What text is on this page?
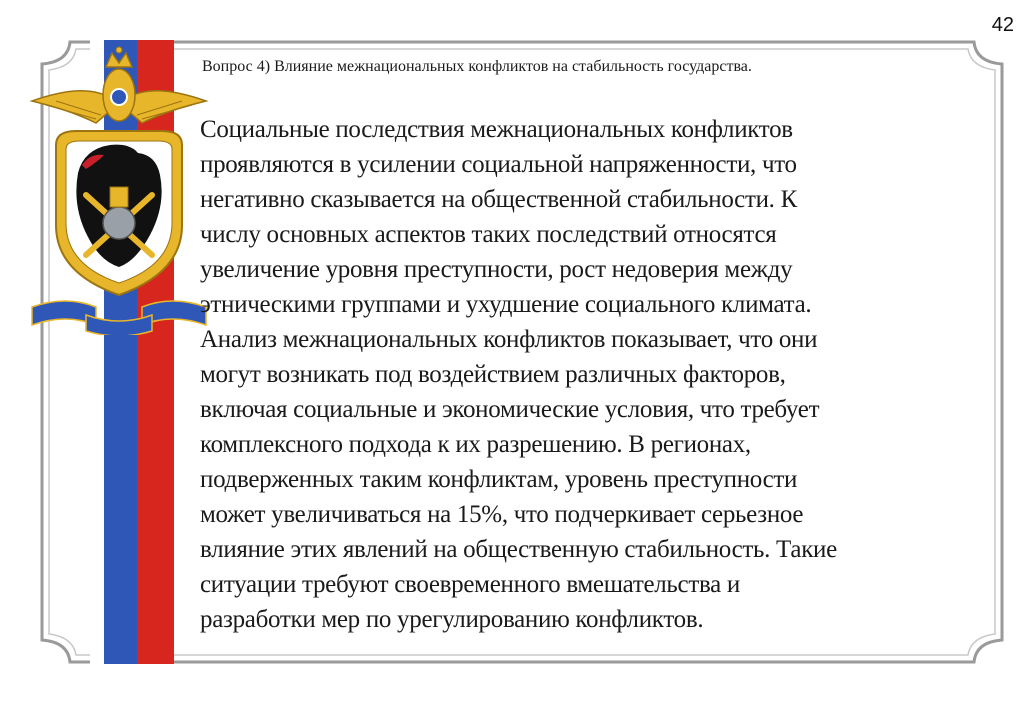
42
Вопрос 4) Влияние межнациональных конфликтов на стабильность государства.
Социальные последствия межнациональных конфликтов
проявляются в усилении социальной напряженности, что
негативно сказывается на общественной стабильности. К
числу основных аспектов таких последствий относятся
увеличение уровня преступности, рост недоверия между
этническими группами и ухудшение социального климата.
Анализ межнациональных конфликтов показывает, что они
могут возникать под воздействием различных факторов,
включая социальные и экономические условия, что требует
комплексного подхода к их разрешению. В регионах,
подверженных таким конфликтам, уровень преступности
может увеличиваться на 15%, что подчеркивает серьезное
влияние этих явлений на общественную стабильность. Такие
ситуации требуют своевременного вмешательства и
разработки мер по урегулированию конфликтов.
